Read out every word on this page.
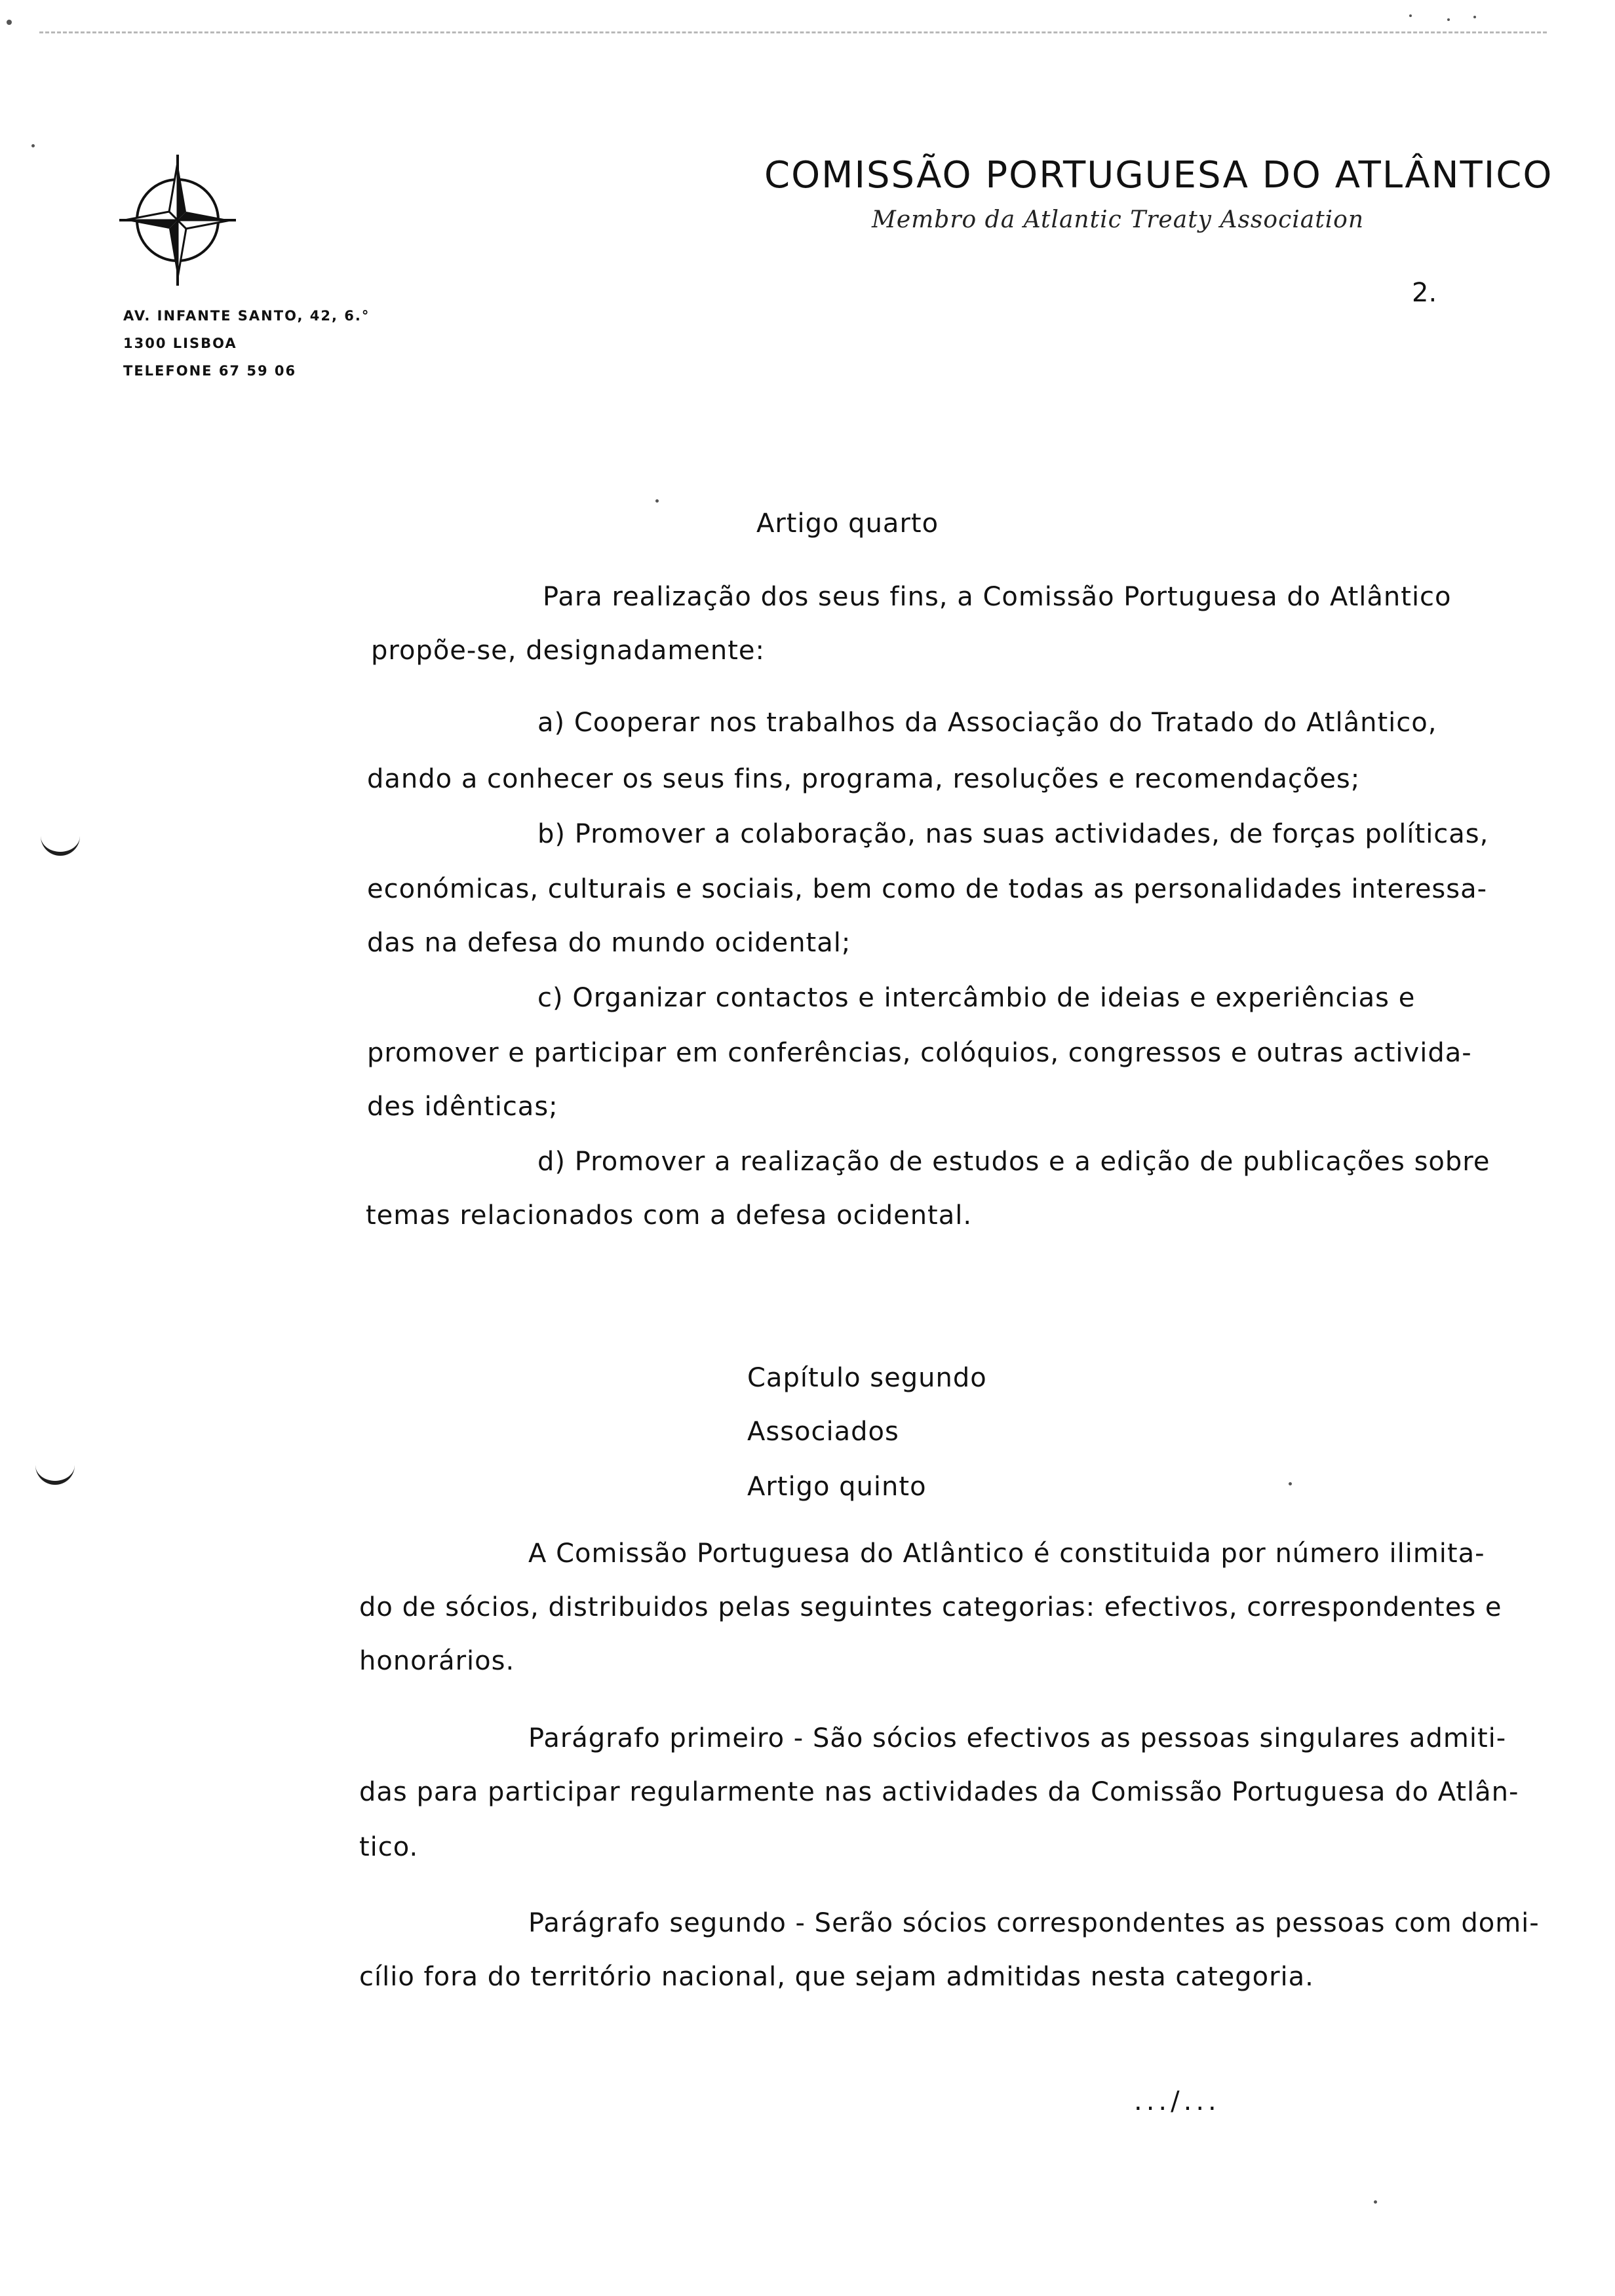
COMISSÃO PORTUGUESA DO ATLÂNTICO
Membro da Atlantic Treaty Association
AV. INFANTE SANTO, 42, 6.°
1300 LISBOA
TELEFONE 67 59 06
2.
Artigo quarto
Para realização dos seus fins, a Comissão Portuguesa do Atlântico
propõe-se, designadamente:
a) Cooperar nos trabalhos da Associação do Tratado do Atlântico,
dando a conhecer os seus fins, programa, resoluções e recomendações;
b) Promover a colaboração, nas suas actividades, de forças políticas,
económicas, culturais e sociais, bem como de todas as personalidades interessa-
das na defesa do mundo ocidental;
c) Organizar contactos e intercâmbio de ideias e experiências e
promover e participar em conferências, colóquios, congressos e outras activida-
des idênticas;
d) Promover a realização de estudos e a edição de publicações sobre
temas relacionados com a defesa ocidental.
Capítulo segundo
Associados
Artigo quinto
A Comissão Portuguesa do Atlântico é constituida por número ilimita-
do de sócios, distribuidos pelas seguintes categorias: efectivos, correspondentes e
honorários.
Parágrafo primeiro - São sócios efectivos as pessoas singulares admiti-
das para participar regularmente nas actividades da Comissão Portuguesa do Atlân-
tico.
Parágrafo segundo - Serão sócios correspondentes as pessoas com domi-
cílio fora do território nacional, que sejam admitidas nesta categoria.
.../...
